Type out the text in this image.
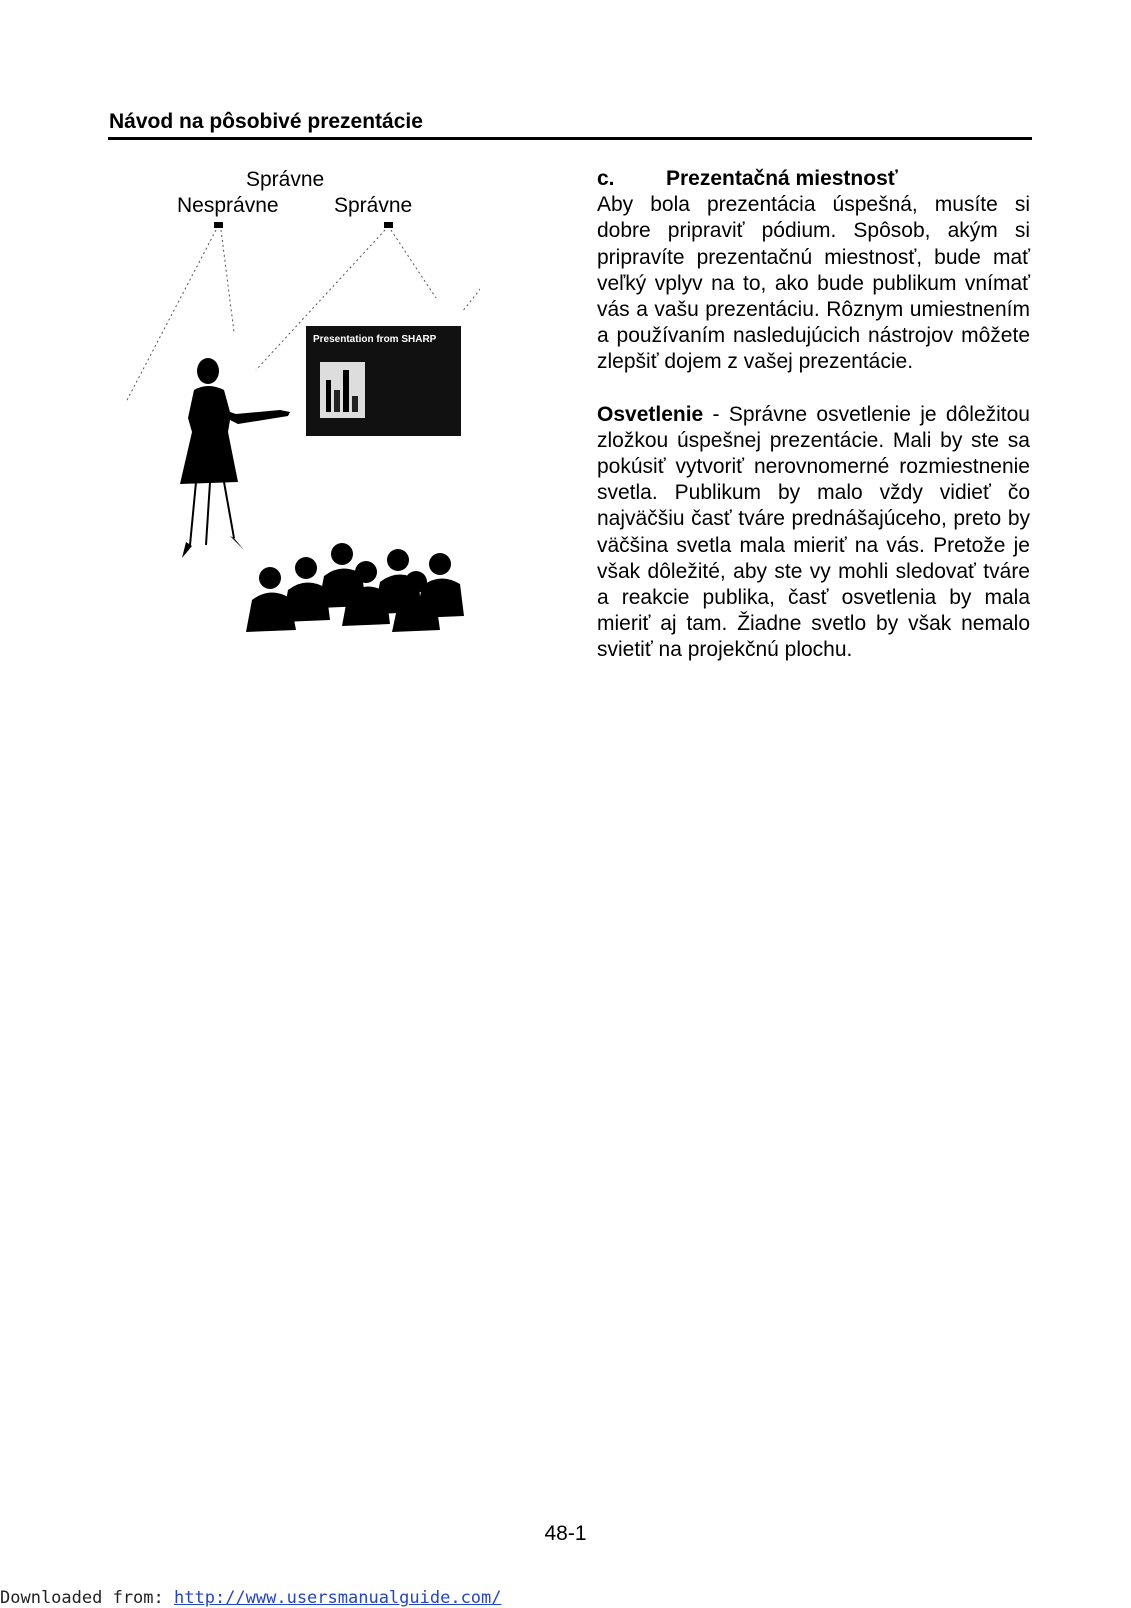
Návod na pôsobivé prezentácie
Správne
Nesprávne	Správne
Presentation from SHARP
c. Prezentačná miestnosť

Aby bola prezentácia úspešná, musíte si dobre pripraviť pódium. Spôsob, akým si pripravíte prezentačnú miestnosť, bude mať veľký vplyv na to, ako bude publikum vnímať vás a vašu prezentáciu. Rôznym umiestnením a používaním nasledujúcich nástrojov môžete zlepšiť dojem z vašej prezentácie.

Osvetlenie - Správne osvetlenie je dôležitou zložkou úspešnej prezentácie. Mali by ste sa pokúsiť vytvoriť nerovnomerné rozmiestnenie svetla. Publikum by malo vždy vidieť čo najväčšiu časť tváre prednášajúceho, preto by väčšina svetla mala mieriť na vás. Pretože je však dôležité, aby ste vy mohli sledovať tváre a reakcie publika, časť osvetlenia by mala mieriť aj tam. Žiadne svetlo by však nemalo svietiť na projekčnú plochu.

48-1
Downloaded from: http://www.usersmanualguide.com/
